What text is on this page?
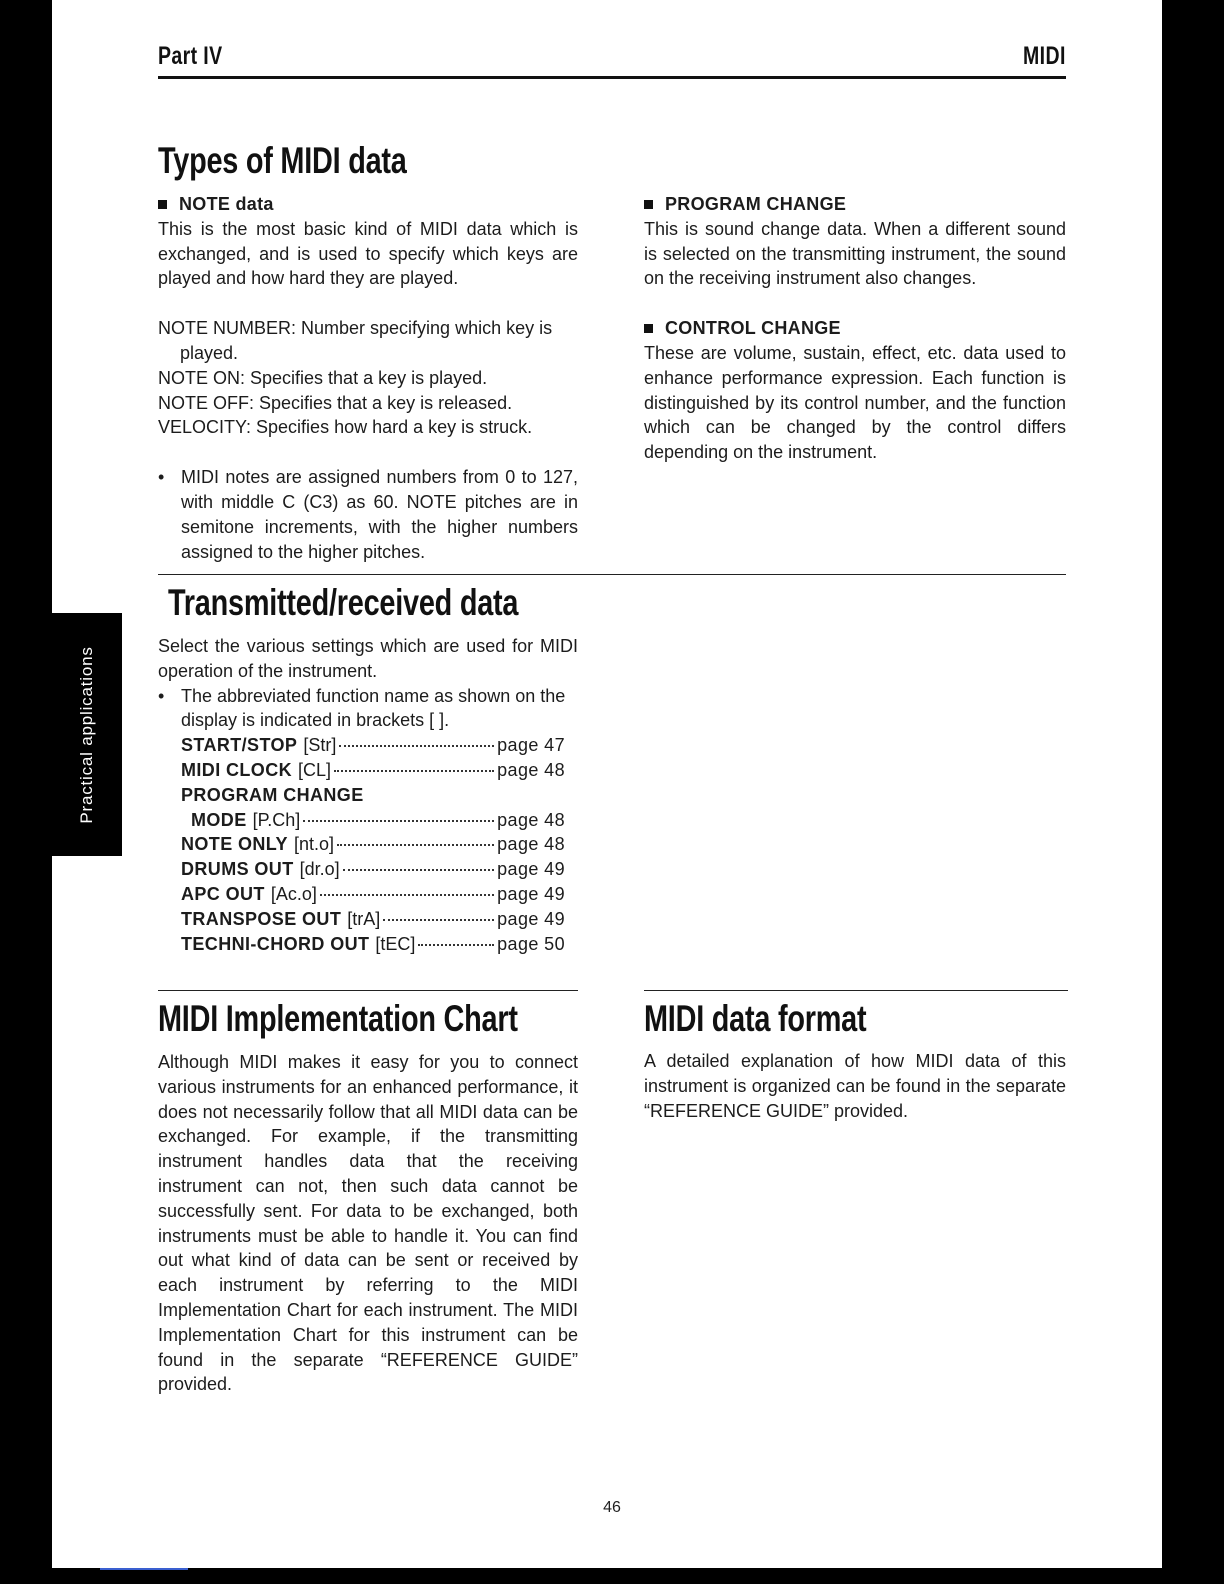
Part IV	MIDI
Practical applications
Types of MIDI data
NOTE data

This is the most basic kind of MIDI data which is exchanged, and is used to specify which keys are played and how hard they are played.

NOTE NUMBER: Number specifying which key is played.

NOTE ON: Specifies that a key is played.

NOTE OFF: Specifies that a key is released.

VELOCITY: Specifies how hard a key is struck.

• MIDI notes are assigned numbers from 0 to 127, with middle C (C3) as 60. NOTE pitches are in semitone increments, with the higher numbers assigned to the higher pitches.
PROGRAM CHANGE

This is sound change data. When a different sound is selected on the transmitting instrument, the sound on the receiving instrument also changes.

CONTROL CHANGE

These are volume, sustain, effect, etc. data used to enhance performance expression. Each function is distinguished by its control number, and the function which can be changed by the control differs depending on the instrument.

Transmitted/received data

Select the various settings which are used for MIDI operation of the instrument.

• The abbreviated function name as shown on the display is indicated in brackets [ ].
START/STOP [Str]	page 47
MIDI CLOCK [CL]	page 48
PROGRAM CHANGE
MODE [P.Ch]	page 48
NOTE ONLY [nt.o]	page 48
DRUMS OUT [dr.o]	page 49
APC OUT [Ac.o]	page 49
TRANSPOSE OUT [trA]	page 49
TECHNI-CHORD OUT [tEC]	page 50
MIDI Implementation Chart

Although MIDI makes it easy for you to connect various instruments for an enhanced performance, it does not necessarily follow that all MIDI data can be exchanged. For example, if the transmitting instrument handles data that the receiving instrument can not, then such data cannot be successfully sent. For data to be exchanged, both instruments must be able to handle it. You can find out what kind of data can be sent or received by each instrument by referring to the MIDI Implementation Chart for each instrument. The MIDI Implementation Chart for this instrument can be found in the separate “REFERENCE GUIDE” provided.

MIDI data format

A detailed explanation of how MIDI data of this instrument is organized can be found in the separate “REFERENCE GUIDE” provided.

46
